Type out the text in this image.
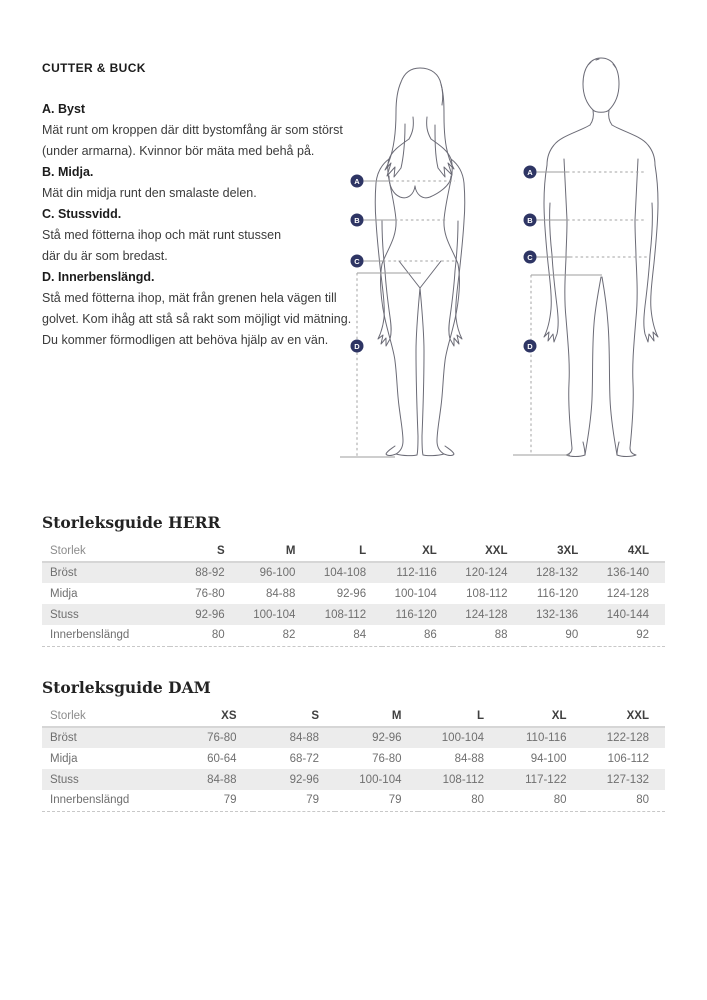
CUTTER & BUCK
A. Byst

Mät runt om kroppen där ditt bystomfång är som störst

(under armarna). Kvinnor bör mäta med behå på.

B. Midja.

Mät din midja runt den smalaste delen.

C. Stussvidd.

Stå med fötterna ihop och mät runt stussen

där du är som bredast.

D. Innerbenslängd.

Stå med fötterna ihop, mät från grenen hela vägen till

golvet. Kom ihåg att stå så rakt som möjligt vid mätning.

Du kommer förmodligen att behöva hjälp av en vän.

A
B
C
D
A
B
C
D
Storleksguide HERR
Storlek	S	M	L	XL	XXL	3XL	4XL
Bröst	88-92	96-100	104-108	112-116	120-124	128-132	136-140
Midja	76-80	84-88	92-96	100-104	108-112	116-120	124-128
Stuss	92-96	100-104	108-112	116-120	124-128	132-136	140-144
Innerbenslängd	80	82	84	86	88	90	92
Storleksguide DAM
Storlek	XS	S	M	L	XL	XXL
Bröst	76-80	84-88	92-96	100-104	110-116	122-128
Midja	60-64	68-72	76-80	84-88	94-100	106-112
Stuss	84-88	92-96	100-104	108-112	117-122	127-132
Innerbenslängd	79	79	79	80	80	80
